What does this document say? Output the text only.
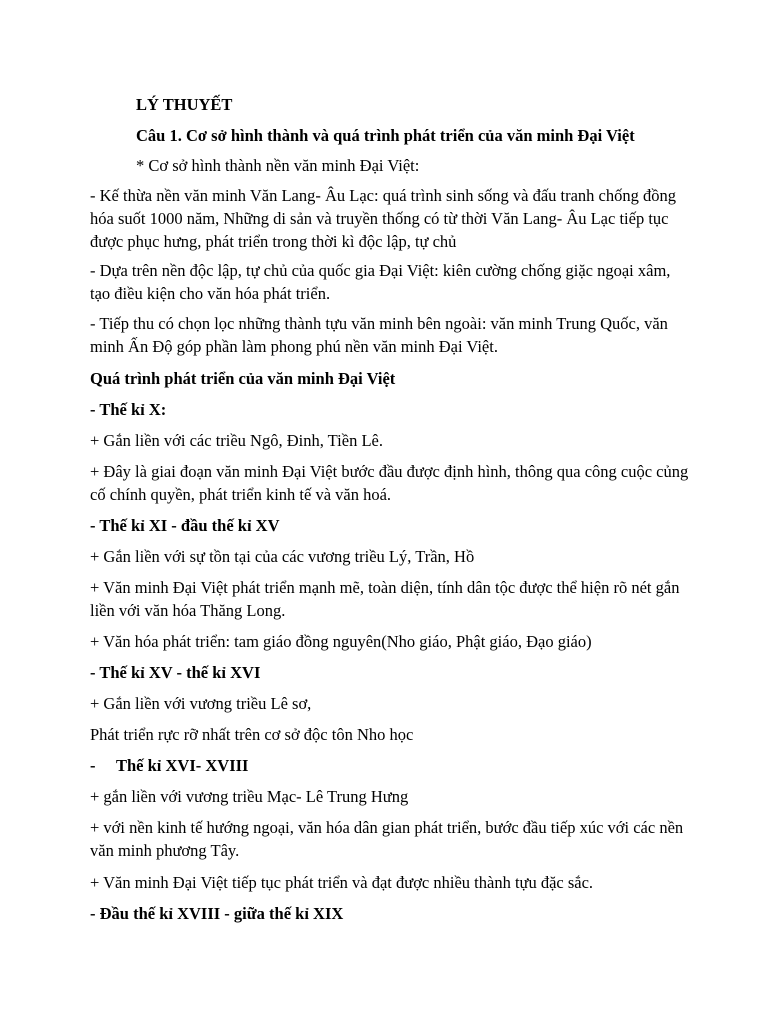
LÝ THUYẾT

Câu 1. Cơ sở hình thành và quá trình phát triển của văn minh Đại Việt

* Cơ sở hình thành nền văn minh Đại Việt:

- Kế thừa nền văn minh Văn Lang- Âu Lạc: quá trình sinh sống và đấu tranh chống đồng hóa suốt 1000 năm, Những di sản và truyền thống có từ thời Văn Lang- Âu Lạc tiếp tục được phục hưng, phát triển trong thời kì độc lập, tự chủ

- Dựa trên nền độc lập, tự chủ của quốc gia Đại Việt: kiên cường chống giặc ngoại xâm, tạo điều kiện cho văn hóa phát triển.

- Tiếp thu có chọn lọc những thành tựu văn minh bên ngoài: văn minh Trung Quốc, văn minh Ấn Độ góp phần làm phong phú nền văn minh Đại Việt.

Quá trình phát triển của văn minh Đại Việt

- Thế kỉ X:

+ Gắn liền với các triều Ngô, Đinh, Tiền Lê.

+ Đây là giai đoạn văn minh Đại Việt bước đầu được định hình, thông qua công cuộc củng cố chính quyền, phát triển kinh tế và văn hoá.

- Thế kỉ XI - đầu thế kỉ XV

+ Gắn liền với sự tồn tại của các vương triều Lý, Trần, Hồ

+ Văn minh Đại Việt phát triển mạnh mẽ, toàn diện, tính dân tộc được thể hiện rõ nét gắn liền với văn hóa Thăng Long.

+ Văn hóa phát triển: tam giáo đồng nguyên(Nho giáo, Phật giáo, Đạo giáo)

- Thế kỉ XV - thế kỉ XVI

+ Gắn liền với vương triều Lê sơ,

Phát triển rực rỡ nhất trên cơ sở độc tôn Nho học

- Thế kỉ XVI- XVIII

+ gắn liền với vương triều Mạc- Lê Trung Hưng

+ với nền kinh tế hướng ngoại, văn hóa dân gian phát triển, bước đầu tiếp xúc với các nền văn minh phương Tây.

+ Văn minh Đại Việt tiếp tục phát triển và đạt được nhiều thành tựu đặc sắc.

- Đầu thế kỉ XVIII - giữa thế kỉ XIX
